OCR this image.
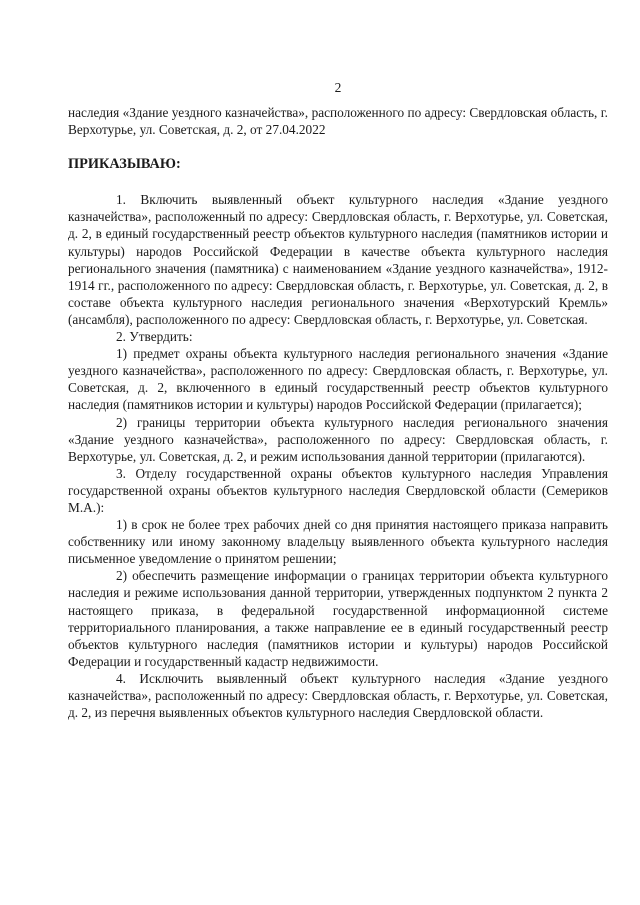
2

наследия «Здание уездного казначейства», расположенного по адресу: Свердловская область, г. Верхотурье, ул. Советская, д. 2, от 27.04.2022

ПРИКАЗЫВАЮ:

1. Включить выявленный объект культурного наследия «Здание уездного казначейства», расположенный по адресу: Свердловская область, г. Верхотурье, ул. Советская, д. 2, в единый государственный реестр объектов культурного наследия (памятников истории и культуры) народов Российской Федерации в качестве объекта культурного наследия регионального значения (памятника) с наименованием «Здание уездного казначейства», 1912-1914 гг., расположенного по адресу: Свердловская область, г. Верхотурье, ул. Советская, д. 2, в составе объекта культурного наследия регионального значения «Верхотурский Кремль» (ансамбля), расположенного по адресу: Свердловская область, г. Верхотурье, ул. Советская.

2. Утвердить:

1) предмет охраны объекта культурного наследия регионального значения «Здание уездного казначейства», расположенного по адресу: Свердловская область, г. Верхотурье, ул. Советская, д. 2, включенного в единый государственный реестр объектов культурного наследия (памятников истории и культуры) народов Российской Федерации (прилагается);

2) границы территории объекта культурного наследия регионального значения «Здание уездного казначейства», расположенного по адресу: Свердловская область, г. Верхотурье, ул. Советская, д. 2, и режим использования данной территории (прилагаются).

3. Отделу государственной охраны объектов культурного наследия Управления государственной охраны объектов культурного наследия Свердловской области (Семериков М.А.):

1) в срок не более трех рабочих дней со дня принятия настоящего приказа направить собственнику или иному законному владельцу выявленного объекта культурного наследия письменное уведомление о принятом решении;

2) обеспечить размещение информации о границах территории объекта культурного наследия и режиме использования данной территории, утвержденных подпунктом 2 пункта 2 настоящего приказа, в федеральной государственной информационной системе территориального планирования, а также направление ее в единый государственный реестр объектов культурного наследия (памятников истории и культуры) народов Российской Федерации и государственный кадастр недвижимости.

4. Исключить выявленный объект культурного наследия «Здание уездного казначейства», расположенный по адресу: Свердловская область, г. Верхотурье, ул. Советская, д. 2, из перечня выявленных объектов культурного наследия Свердловской области.
